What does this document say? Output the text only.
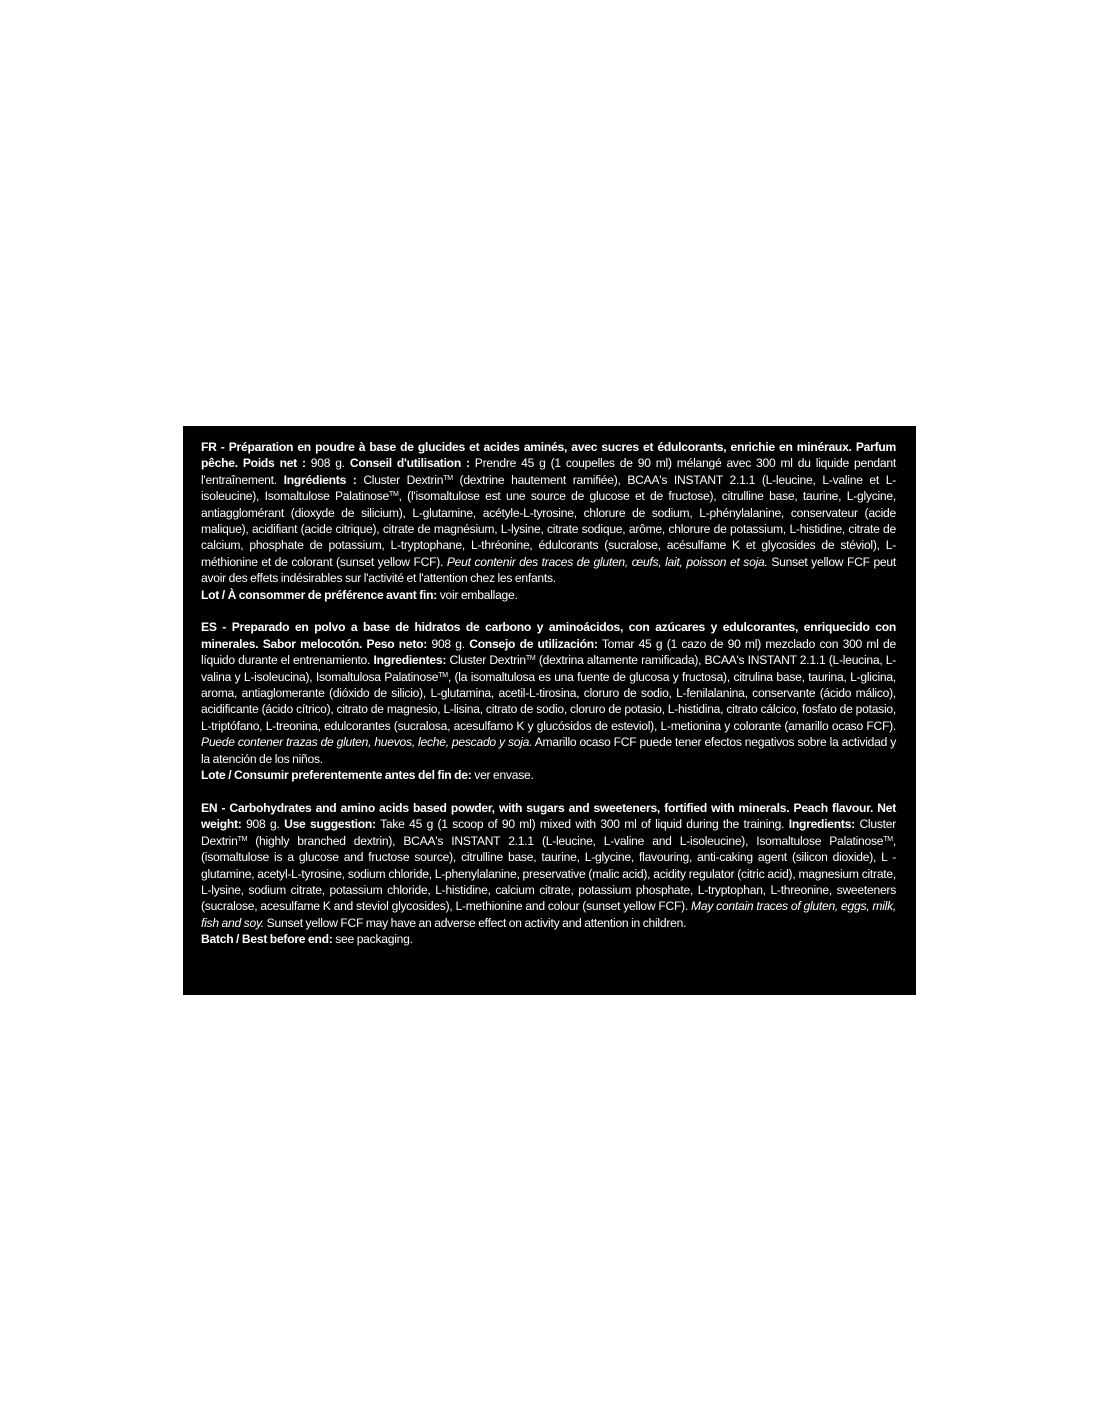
FR - Préparation en poudre à base de glucides et acides aminés, avec sucres et édulcorants, enrichie en minéraux. Parfum pêche. Poids net : 908 g. Conseil d'utilisation : Prendre 45 g (1 coupelles de 90 ml) mélangé avec 300 ml du liquide pendant l'entraînement. Ingrédients : Cluster Dextrin™ (dextrine hautement ramifiée), BCAA's INSTANT 2.1.1 (L-leucine, L-valine et L-isoleucine), Isomaltulose Palatinose™, (l'isomaltulose est une source de glucose et de fructose), citrulline base, taurine, L-glycine, antiagglomérant (dioxyde de silicium), L-glutamine, acétyle-L-tyrosine, chlorure de sodium, L-phénylalanine, conservateur (acide malique), acidifiant (acide citrique), citrate de magnésium, L-lysine, citrate sodique, arôme, chlorure de potassium, L-histidine, citrate de calcium, phosphate de potassium, L-tryptophane, L-thréonine, édulcorants (sucralose, acésulfame K et glycosides de stéviol), L-méthionine et de colorant (sunset yellow FCF). Peut contenir des traces de gluten, œufs, lait, poisson et soja. Sunset yellow FCF peut avoir des effets indésirables sur l'activité et l'attention chez les enfants.
Lot / À consommer de préférence avant fin: voir emballage.

ES - Preparado en polvo a base de hidratos de carbono y aminoácidos, con azúcares y edulcorantes, enriquecido con minerales. Sabor melocotón. Peso neto: 908 g. Consejo de utilización: Tomar 45 g (1 cazo de 90 ml) mezclado con 300 ml de líquido durante el entrenamiento. Ingredientes: Cluster Dextrin™ (dextrina altamente ramificada), BCAA's INSTANT 2.1.1 (L-leucina, L-valina y L-isoleucina), Isomaltulosa Palatinose™, (la isomaltulosa es una fuente de glucosa y fructosa), citrulina base, taurina, L-glicina, aroma, antiaglomerante (dióxido de silicio), L-glutamina, acetil-L-tirosina, cloruro de sodio, L-fenilalanina, conservante (ácido málico), acidificante (ácido cítrico), citrato de magnesio, L-lisina, citrato de sodio, cloruro de potasio, L-histidina, citrato cálcico, fosfato de potasio, L-triptófano, L-treonina, edulcorantes (sucralosa, acesulfamo K y glucósidos de esteviol), L-metionina y colorante (amarillo ocaso FCF). Puede contener trazas de gluten, huevos, leche, pescado y soja. Amarillo ocaso FCF puede tener efectos negativos sobre la actividad y la atención de los niños.
Lote / Consumir preferentemente antes del fin de: ver envase.

EN - Carbohydrates and amino acids based powder, with sugars and sweeteners, fortified with minerals. Peach flavour. Net weight: 908 g. Use suggestion: Take 45 g (1 scoop of 90 ml) mixed with 300 ml of liquid during the training. Ingredients: Cluster Dextrin™ (highly branched dextrin), BCAA's INSTANT 2.1.1 (L-leucine, L-valine and L-isoleucine), Isomaltulose Palatinose™, (isomaltulose is a glucose and fructose source), citrulline base, taurine, L-glycine, flavouring, anti-caking agent (silicon dioxide), L -glutamine, acetyl-L-tyrosine, sodium chloride, L-phenylalanine, preservative (malic acid), acidity regulator (citric acid), magnesium citrate, L-lysine, sodium citrate, potassium chloride, L-histidine, calcium citrate, potassium phosphate, L-tryptophan, L-threonine, sweeteners (sucralose, acesulfame K and steviol glycosides), L-methionine and colour (sunset yellow FCF). May contain traces of gluten, eggs, milk, fish and soy. Sunset yellow FCF may have an adverse effect on activity and attention in children.
Batch / Best before end: see packaging.
